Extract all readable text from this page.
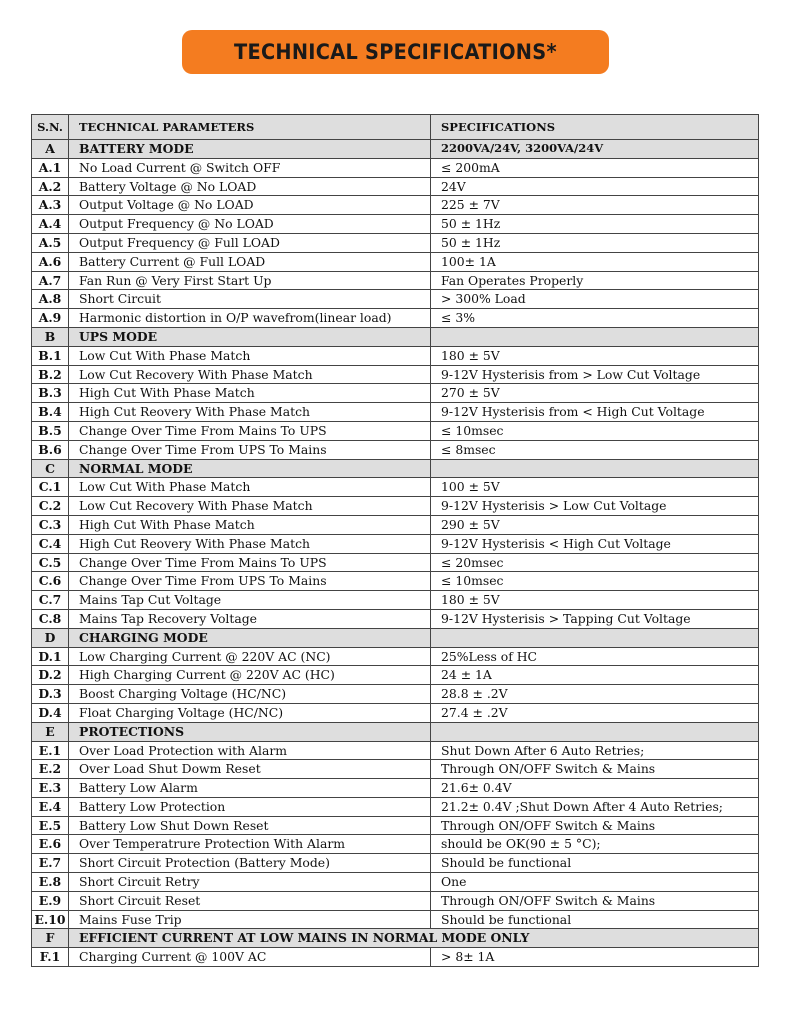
TECHNICAL SPECIFICATIONS*
S.N.	TECHNICAL PARAMETERS	SPECIFICATIONS
A	BATTERY MODE	2200VA/24V, 3200VA/24V
A.1	No Load Current @ Switch OFF	≤ 200mA
A.2	Battery Voltage @ No LOAD	24V
A.3	Output Voltage @ No LOAD	225 ± 7V
A.4	Output Frequency @ No LOAD	50 ± 1Hz
A.5	Output Frequency @ Full LOAD	50 ± 1Hz
A.6	Battery Current @ Full LOAD	100± 1A
A.7	Fan Run @ Very First Start Up	Fan Operates Properly
A.8	Short Circuit	> 300% Load
A.9	Harmonic distortion in O/P wavefrom(linear load)	≤ 3%
B	UPS MODE	
B.1	Low Cut With Phase Match	180 ± 5V
B.2	Low Cut Recovery With Phase Match	9-12V Hysterisis from > Low Cut Voltage
B.3	High Cut With Phase Match	270 ± 5V
B.4	High Cut Reovery With Phase Match	9-12V Hysterisis from < High Cut Voltage
B.5	Change Over Time From Mains To UPS	≤ 10msec
B.6	Change Over Time From UPS To Mains	≤ 8msec
C	NORMAL MODE	
C.1	Low Cut With Phase Match	100 ± 5V
C.2	Low Cut Recovery With Phase Match	9-12V Hysterisis > Low Cut Voltage
C.3	High Cut With Phase Match	290 ± 5V
C.4	High Cut Reovery With Phase Match	9-12V Hysterisis < High Cut Voltage
C.5	Change Over Time From Mains To UPS	≤ 20msec
C.6	Change Over Time From UPS To Mains	≤ 10msec
C.7	Mains Tap Cut Voltage	180 ± 5V
C.8	Mains Tap Recovery Voltage	9-12V Hysterisis > Tapping Cut Voltage
D	CHARGING MODE	
D.1	Low Charging Current @ 220V AC (NC)	25%Less of HC
D.2	High Charging Current @ 220V AC (HC)	24 ± 1A
D.3	Boost Charging Voltage (HC/NC)	28.8 ± .2V
D.4	Float Charging Voltage (HC/NC)	27.4 ± .2V
E	PROTECTIONS	
E.1	Over Load Protection with Alarm	Shut Down After 6 Auto Retries;
E.2	Over Load Shut Dowm Reset	Through ON/OFF Switch & Mains
E.3	Battery Low Alarm	21.6± 0.4V
E.4	Battery Low Protection	21.2± 0.4V ;Shut Down After 4 Auto Retries;
E.5	Battery Low Shut Down Reset	Through ON/OFF Switch & Mains
E.6	Over Temperatrure Protection With Alarm	should be OK(90 ± 5 °C);
E.7	Short Circuit Protection (Battery Mode)	Should be functional
E.8	Short Circuit Retry	One
E.9	Short Circuit Reset	Through ON/OFF Switch & Mains
E.10	Mains Fuse Trip	Should be functional
F	EFFICIENT CURRENT AT LOW MAINS IN NORMAL MODE ONLY	
F.1	Charging Current @ 100V AC	> 8± 1A
